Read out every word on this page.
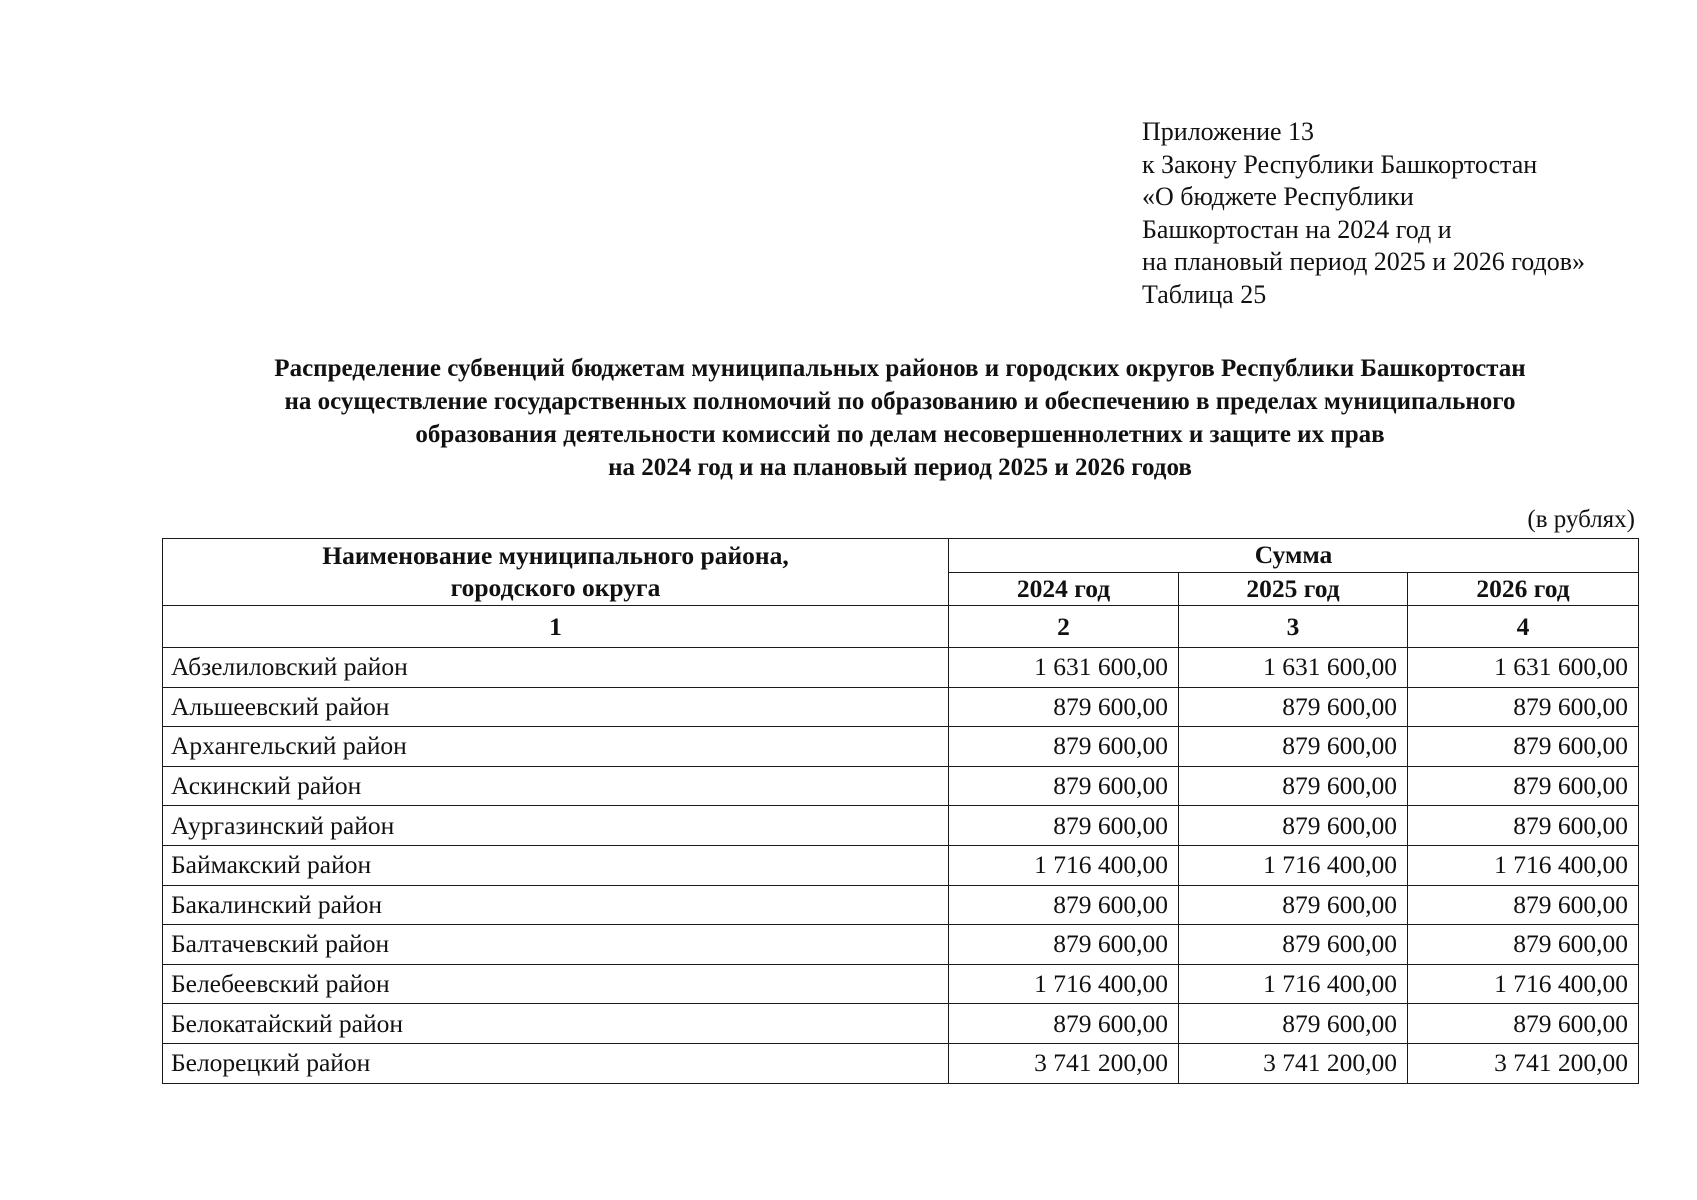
Приложение 13
к Закону Республики Башкортостан
«О бюджете Республики
Башкортостан на 2024 год и
на плановый период 2025 и 2026 годов»
Таблица 25
Распределение субвенций бюджетам муниципальных районов и городских округов Республики Башкортостан
на осуществление государственных полномочий по образованию и обеспечению в пределах муниципального
образования деятельности комиссий по делам несовершеннолетних и защите их прав
на 2024 год и на плановый период 2025 и 2026 годов
(в рублях)
Наименование муниципального района,
городского округа	Сумма		
	2024 год	2025 год	2026 год
1	2	3	4
Абзелиловский район	1 631 600,00	1 631 600,00	1 631 600,00
Альшеевский район	879 600,00	879 600,00	879 600,00
Архангельский район	879 600,00	879 600,00	879 600,00
Аскинский район	879 600,00	879 600,00	879 600,00
Аургазинский район	879 600,00	879 600,00	879 600,00
Баймакский район	1 716 400,00	1 716 400,00	1 716 400,00
Бакалинский район	879 600,00	879 600,00	879 600,00
Балтачевский район	879 600,00	879 600,00	879 600,00
Белебеевский район	1 716 400,00	1 716 400,00	1 716 400,00
Белокатайский район	879 600,00	879 600,00	879 600,00
Белорецкий район	3 741 200,00	3 741 200,00	3 741 200,00
